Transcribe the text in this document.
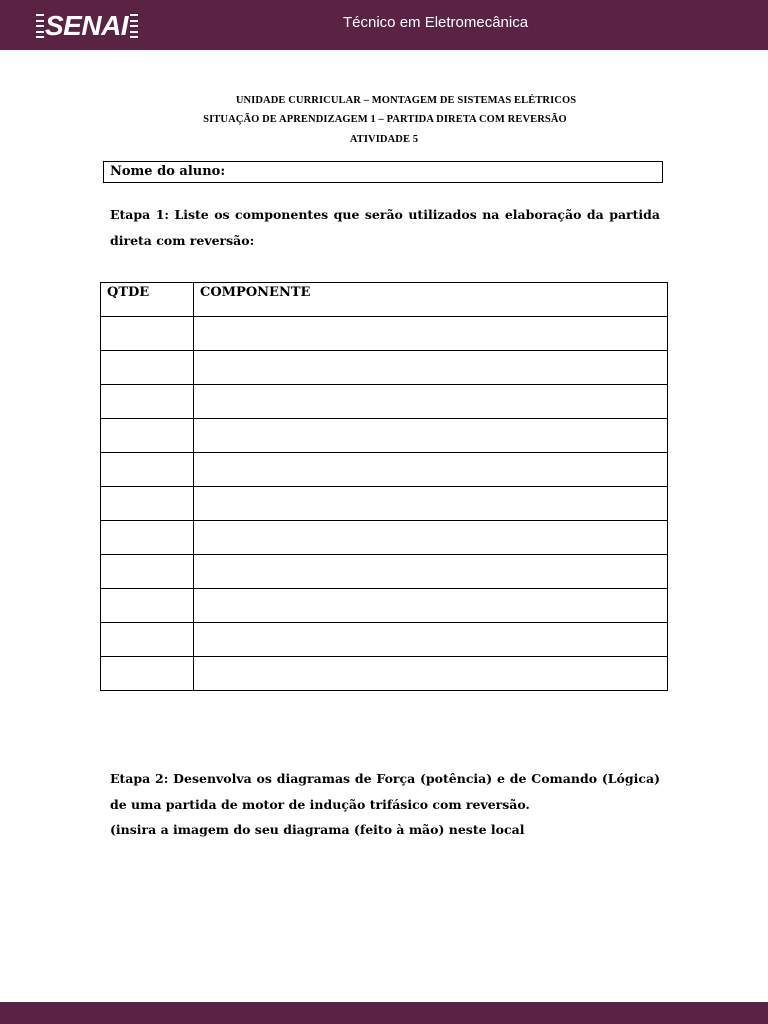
SENAI	Técnico em Eletromecânica
UNIDADE CURRICULAR – MONTAGEM DE SISTEMAS ELÉTRICOS
SITUAÇÃO DE APRENDIZAGEM 1 – PARTIDA DIRETA COM REVERSÃO
ATIVIDADE 5
Nome do aluno:
Etapa 1: Liste os componentes que serão utilizados na elaboração da partida direta com reversão:
QTDE	COMPONENTE

Etapa 2: Desenvolva os diagramas de Força (potência) e de Comando (Lógica) de uma partida de motor de indução trifásico com reversão.
(insira a imagem do seu diagrama (feito à mão) neste local
